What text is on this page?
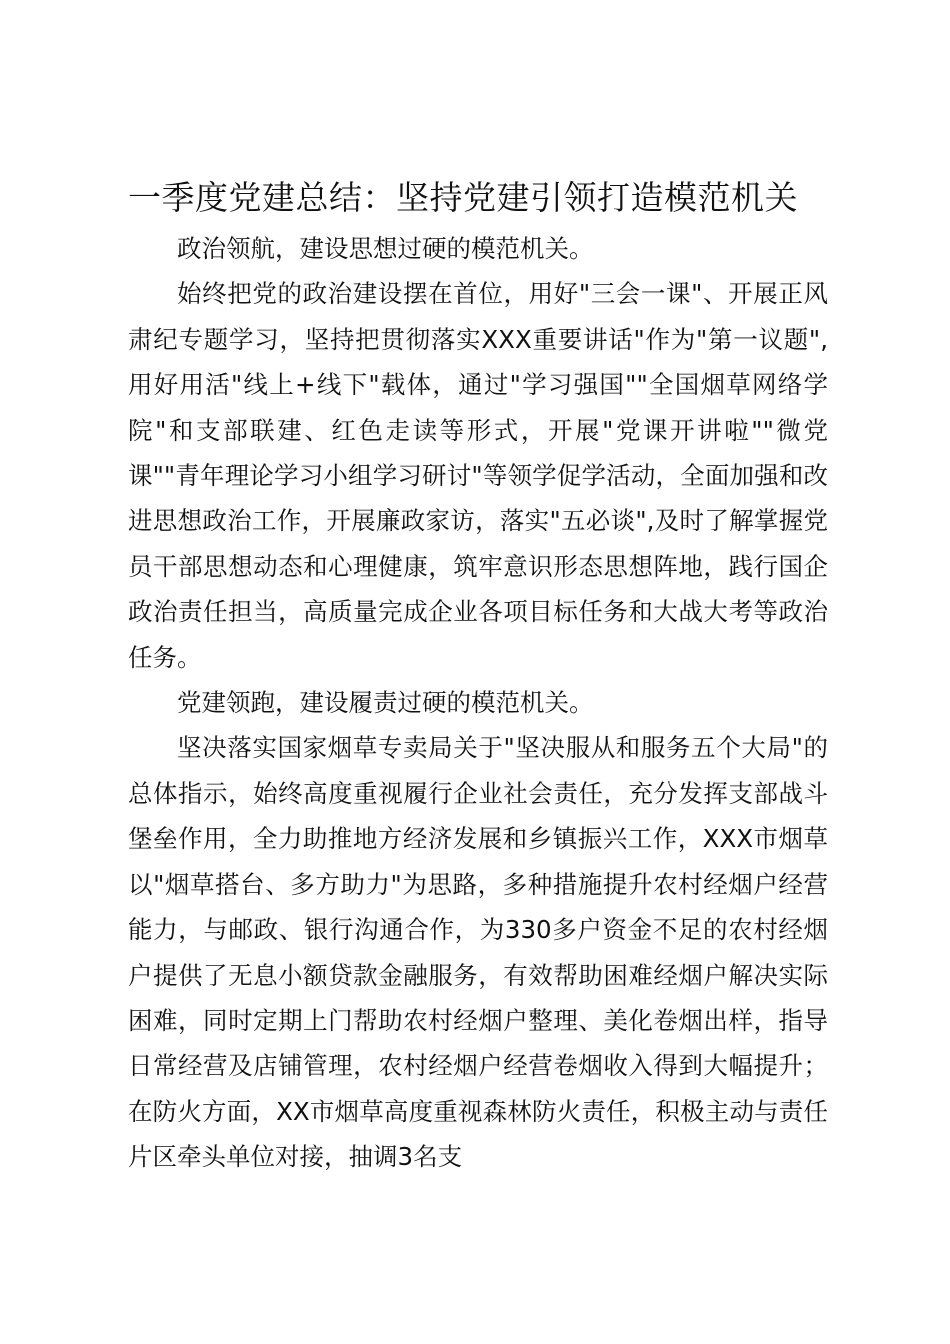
一季度党建总结：坚持党建引领打造模范机关

政治领航，建设思想过硬的模范机关。

始终把党的政治建设摆在首位，用好"三会一课"、开展正风肃纪专题学习，坚持把贯彻落实XXX重要讲话"作为"第一议题",用好用活"线上+线下"载体，通过"学习强国""全国烟草网络学院"和支部联建、红色走读等形式，开展"党课开讲啦""微党课""青年理论学习小组学习研讨"等领学促学活动，全面加强和改进思想政治工作，开展廉政家访，落实"五必谈",及时了解掌握党员干部思想动态和心理健康，筑牢意识形态思想阵地，践行国企政治责任担当，高质量完成企业各项目标任务和大战大考等政治任务。

党建领跑，建设履责过硬的模范机关。

坚决落实国家烟草专卖局关于"坚决服从和服务五个大局"的总体指示，始终高度重视履行企业社会责任，充分发挥支部战斗堡垒作用，全力助推地方经济发展和乡镇振兴工作，XXX市烟草以"烟草搭台、多方助力"为思路，多种措施提升农村经烟户经营能力，与邮政、银行沟通合作，为330多户资金不足的农村经烟户提供了无息小额贷款金融服务，有效帮助困难经烟户解决实际困难，同时定期上门帮助农村经烟户整理、美化卷烟出样，指导日常经营及店铺管理，农村经烟户经营卷烟收入得到大幅提升；在防火方面，XX市烟草高度重视森林防火责任，积极主动与责任片区牵头单位对接，抽调3名支
